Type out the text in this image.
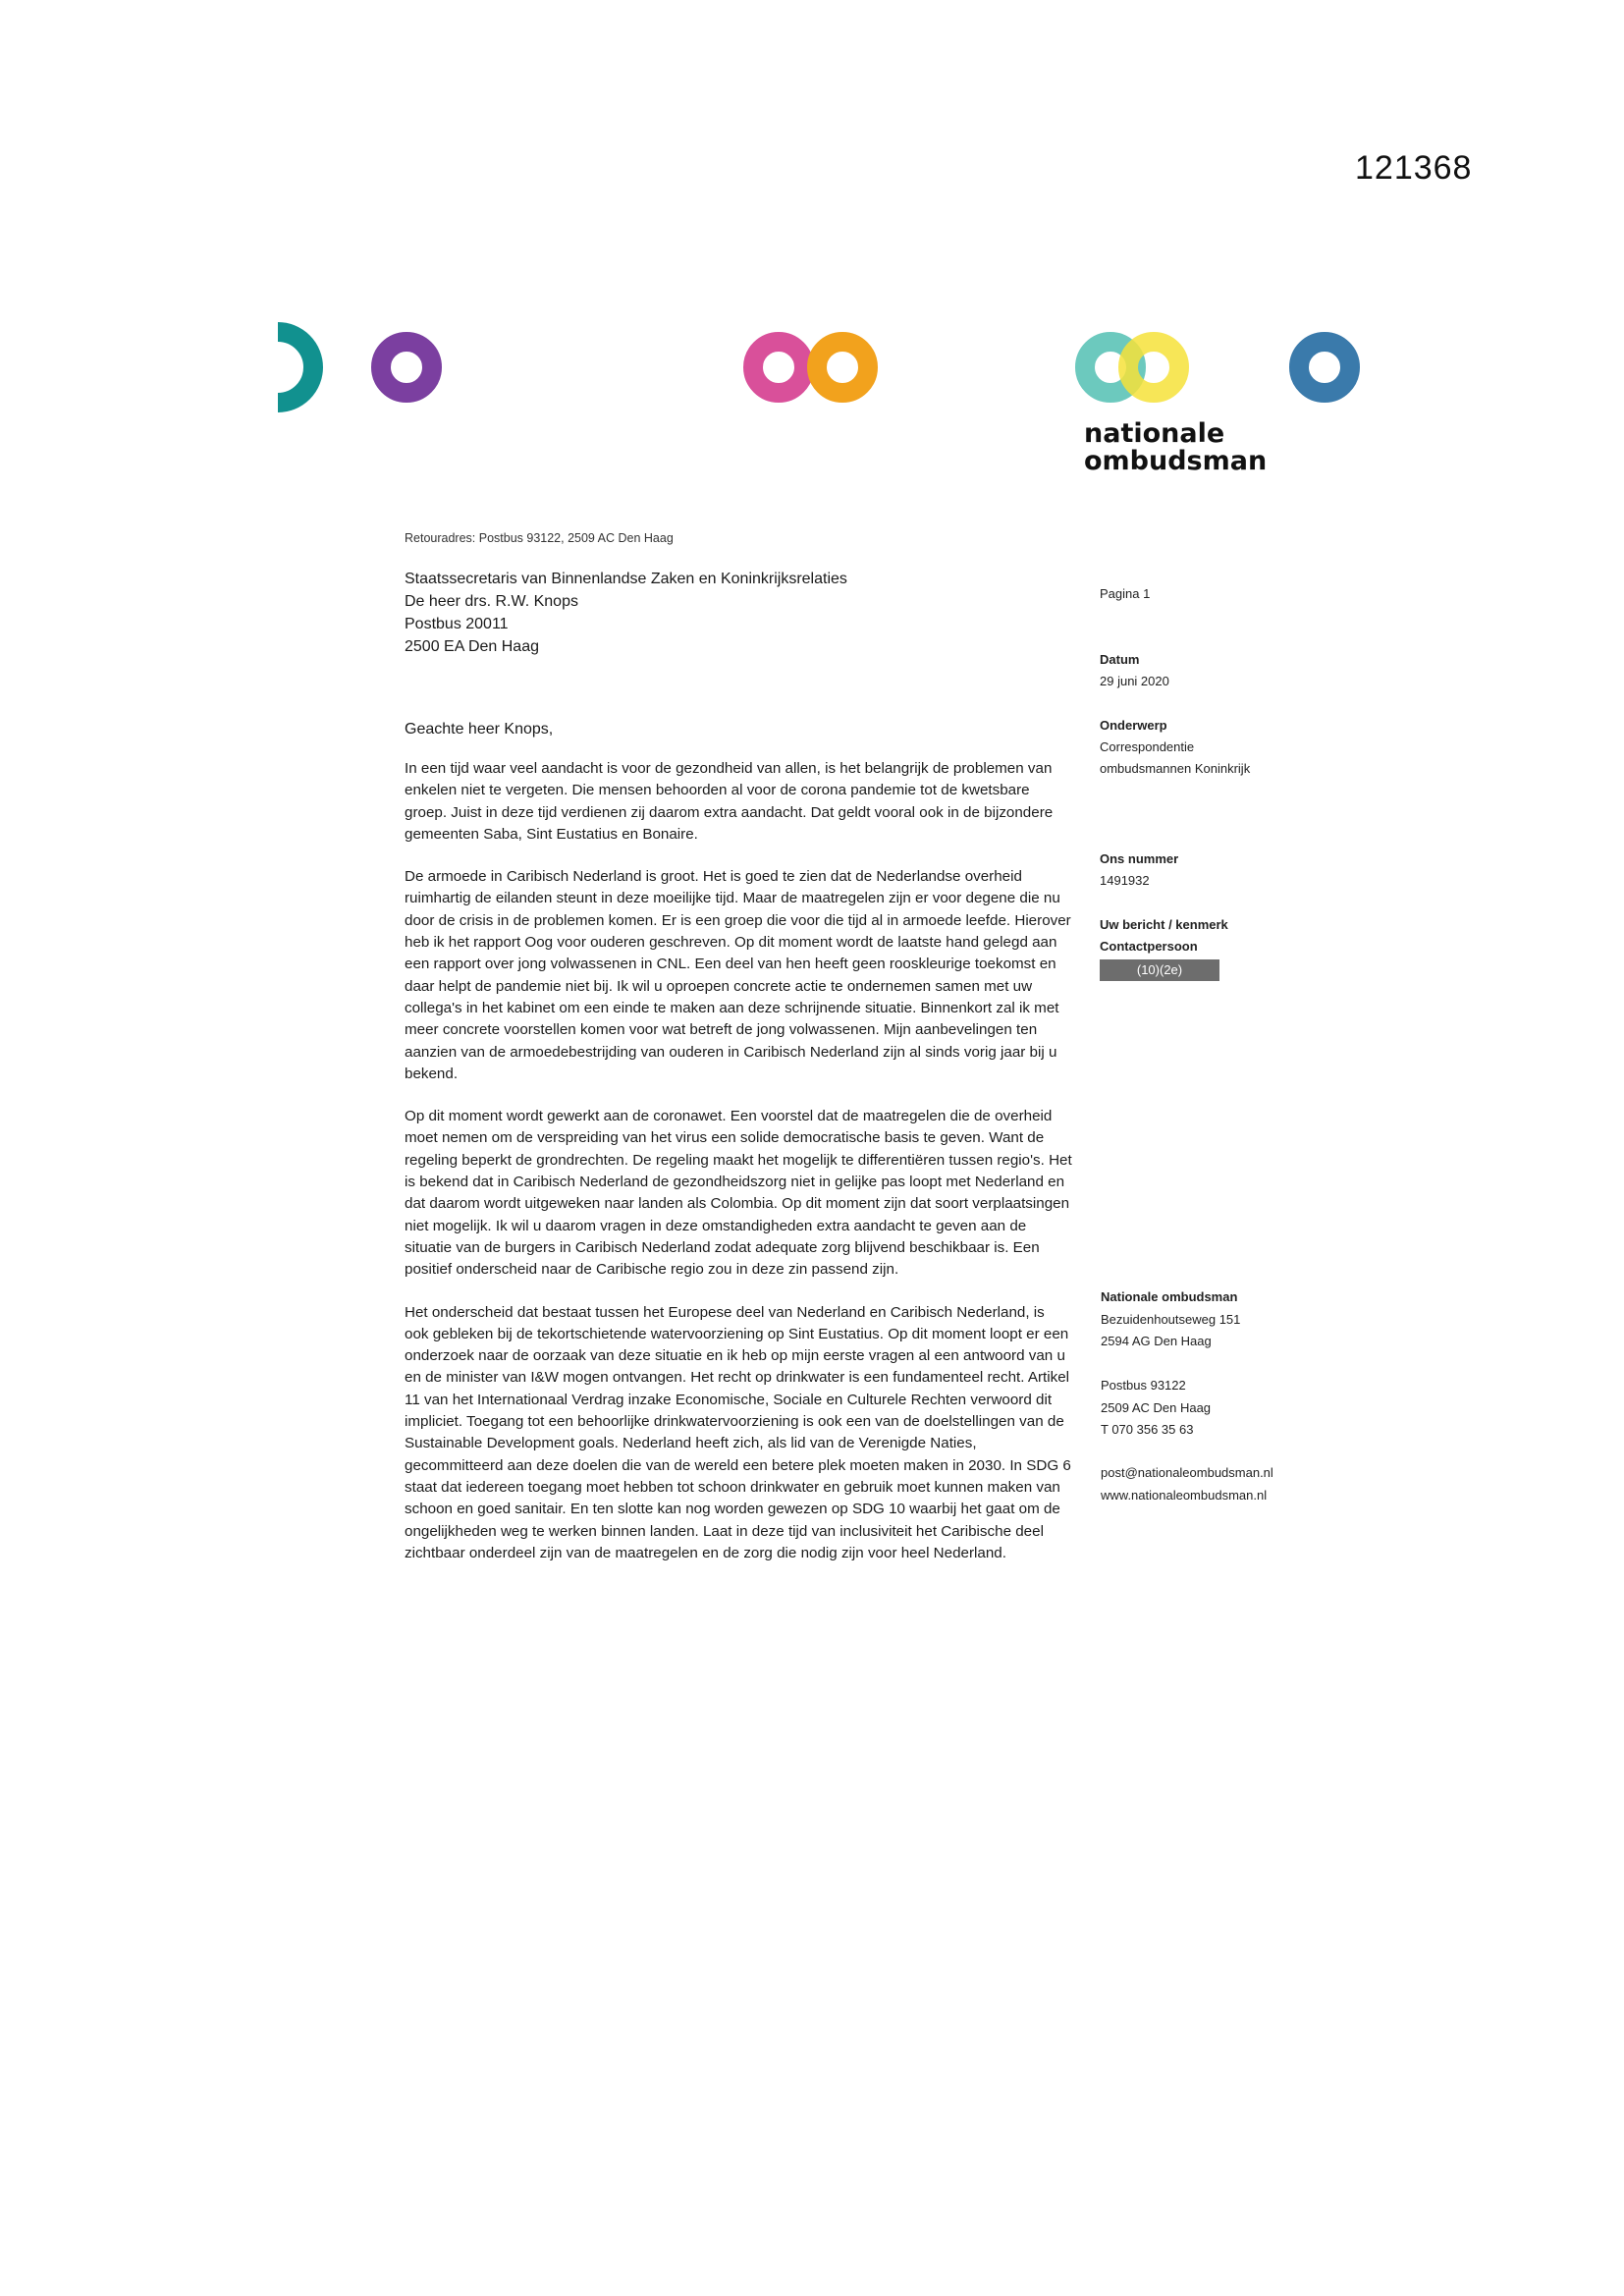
121368
nationale
ombudsman
Retouradres: Postbus 93122, 2509 AC Den Haag
Staatssecretaris van Binnenlandse Zaken en Koninkrijksrelaties
De heer drs. R.W. Knops
Postbus 20011
2500 EA Den Haag
Geachte heer Knops,

In een tijd waar veel aandacht is voor de gezondheid van allen, is het belangrijk de problemen van enkelen niet te vergeten. Die mensen behoorden al voor de corona pandemie tot de kwetsbare groep. Juist in deze tijd verdienen zij daarom extra aandacht. Dat geldt vooral ook in de bijzondere gemeenten Saba, Sint Eustatius en Bonaire.

De armoede in Caribisch Nederland is groot. Het is goed te zien dat de Nederlandse overheid ruimhartig de eilanden steunt in deze moeilijke tijd. Maar de maatregelen zijn er voor degene die nu door de crisis in de problemen komen. Er is een groep die voor die tijd al in armoede leefde. Hierover heb ik het rapport Oog voor ouderen geschreven. Op dit moment wordt de laatste hand gelegd aan een rapport over jong volwassenen in CNL. Een deel van hen heeft geen rooskleurige toekomst en daar helpt de pandemie niet bij. Ik wil u oproepen concrete actie te ondernemen samen met uw collega's in het kabinet om een einde te maken aan deze schrijnende situatie. Binnenkort zal ik met meer concrete voorstellen komen voor wat betreft de jong volwassenen. Mijn aanbevelingen ten aanzien van de armoedebestrijding van ouderen in Caribisch Nederland zijn al sinds vorig jaar bij u bekend.

Op dit moment wordt gewerkt aan de coronawet. Een voorstel dat de maatregelen die de overheid moet nemen om de verspreiding van het virus een solide democratische basis te geven. Want de regeling beperkt de grondrechten. De regeling maakt het mogelijk te differentiëren tussen regio's. Het is bekend dat in Caribisch Nederland de gezondheidszorg niet in gelijke pas loopt met Nederland en dat daarom wordt uitgeweken naar landen als Colombia. Op dit moment zijn dat soort verplaatsingen niet mogelijk. Ik wil u daarom vragen in deze omstandigheden extra aandacht te geven aan de situatie van de burgers in Caribisch Nederland zodat adequate zorg blijvend beschikbaar is. Een positief onderscheid naar de Caribische regio zou in deze zin passend zijn.

Het onderscheid dat bestaat tussen het Europese deel van Nederland en Caribisch Nederland, is ook gebleken bij de tekortschietende watervoorziening op Sint Eustatius. Op dit moment loopt er een onderzoek naar de oorzaak van deze situatie en ik heb op mijn eerste vragen al een antwoord van u en de minister van I&W mogen ontvangen. Het recht op drinkwater is een fundamenteel recht. Artikel 11 van het Internationaal Verdrag inzake Economische, Sociale en Culturele Rechten verwoord dit impliciet. Toegang tot een behoorlijke drinkwatervoorziening is ook een van de doelstellingen van de Sustainable Development goals. Nederland heeft zich, als lid van de Verenigde Naties, gecommitteerd aan deze doelen die van de wereld een betere plek moeten maken in 2030. In SDG 6 staat dat iedereen toegang moet hebben tot schoon drinkwater en gebruik moet kunnen maken van schoon en goed sanitair. En ten slotte kan nog worden gewezen op SDG 10 waarbij het gaat om de ongelijkheden weg te werken binnen landen. Laat in deze tijd van inclusiviteit het Caribische deel zichtbaar onderdeel zijn van de maatregelen en de zorg die nodig zijn voor heel Nederland.

Pagina 1
Datum
29 juni 2020
Onderwerp
Correspondentie
ombudsmannen Koninkrijk
Ons nummer
1491932
Uw bericht / kenmerk
Contactpersoon
(10)(2e)
Nationale ombudsman
Bezuidenhoutseweg 151
2594 AG Den Haag
Postbus 93122
2509 AC Den Haag
T 070 356 35 63
post@nationaleombudsman.nl
www.nationaleombudsman.nl
